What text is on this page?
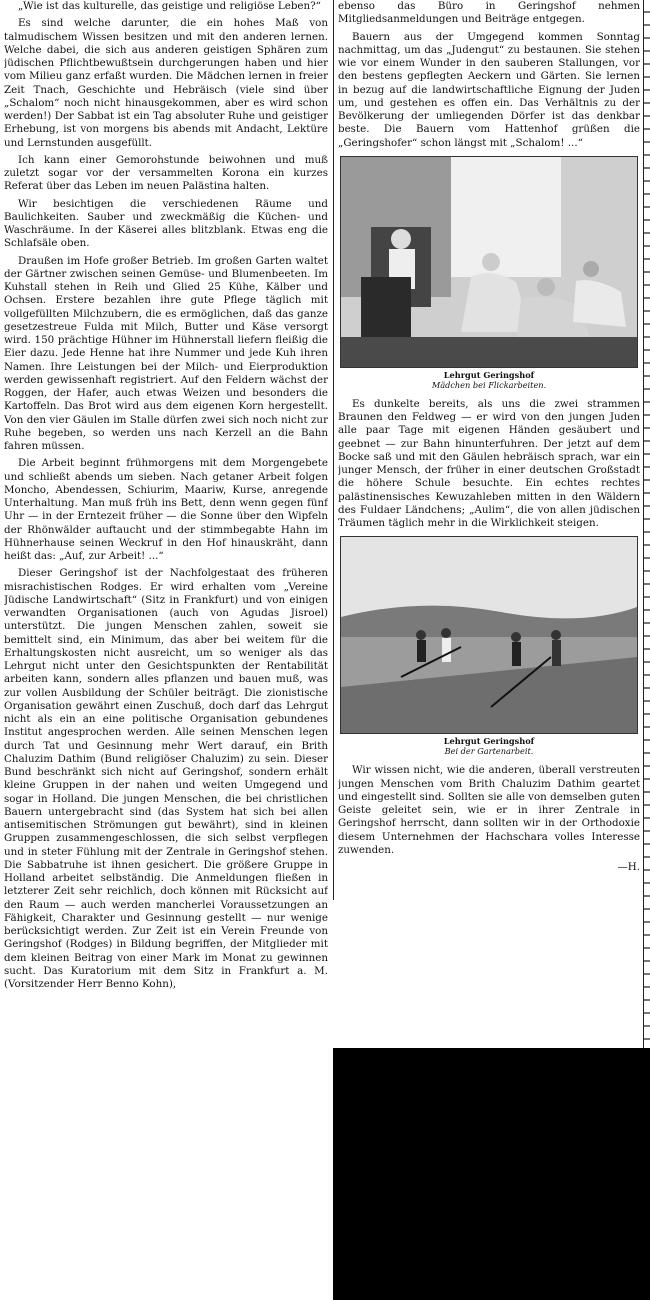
„Wie ist das kulturelle, das geistige und religiöse Leben?“

Es sind welche darunter, die ein hohes Maß von talmudischem Wissen besitzen und mit den anderen lernen. Welche dabei, die sich aus anderen geistigen Sphären zum jüdischen Pflichtbewußtsein durchgerungen haben und hier vom Milieu ganz erfaßt wurden. Die Mädchen lernen in freier Zeit Tnach, Geschichte und Hebräisch (viele sind über „Schalom“ noch nicht hinausgekommen, aber es wird schon werden!) Der Sabbat ist ein Tag absoluter Ruhe und geistiger Erhebung, ist von morgens bis abends mit Andacht, Lektüre und Lernstunden ausgefüllt.

Ich kann einer Gemorohstunde beiwohnen und muß zuletzt sogar vor der versammelten Korona ein kurzes Referat über das Leben im neuen Palästina halten.

Wir besichtigen die verschiedenen Räume und Baulichkeiten. Sauber und zweckmäßig die Küchen- und Waschräume. In der Käserei alles blitzblank. Etwas eng die Schlafsäle oben.

Draußen im Hofe großer Betrieb. Im großen Garten waltet der Gärtner zwischen seinen Gemüse- und Blumenbeeten. Im Kuhstall stehen in Reih und Glied 25 Kühe, Kälber und Ochsen. Erstere bezahlen ihre gute Pflege täglich mit vollgefüllten Milchzubern, die es ermöglichen, daß das ganze gesetzestreue Fulda mit Milch, Butter und Käse versorgt wird. 150 prächtige Hühner im Hühnerstall liefern fleißig die Eier dazu. Jede Henne hat ihre Nummer und jede Kuh ihren Namen. Ihre Leistungen bei der Milch- und Eierproduktion werden gewissenhaft registriert. Auf den Feldern wächst der Roggen, der Hafer, auch etwas Weizen und besonders die Kartoffeln. Das Brot wird aus dem eigenen Korn hergestellt. Von den vier Gäulen im Stalle dürfen zwei sich noch nicht zur Ruhe begeben, so werden uns nach Kerzell an die Bahn fahren müssen.

Die Arbeit beginnt frühmorgens mit dem Morgengebete und schließt abends um sieben. Nach getaner Arbeit folgen Moncho, Abendessen, Schiurim, Maariw, Kurse, anregende Unterhaltung. Man muß früh ins Bett, denn wenn gegen fünf Uhr — in der Erntezeit früher — die Sonne über den Wipfeln der Rhönwälder auftaucht und der stimmbegabte Hahn im Hühnerhause seinen Weckruf in den Hof hinauskräht, dann heißt das: „Auf, zur Arbeit! ...“

Dieser Geringshof ist der Nachfolgestaat des früheren misrachistischen Rodges. Er wird erhalten vom „Vereine Jüdische Landwirtschaft“ (Sitz in Frankfurt) und von einigen verwandten Organisationen (auch von Agudas Jisroel) unterstützt. Die jungen Menschen zahlen, soweit sie bemittelt sind, ein Minimum, das aber bei weitem für die Erhaltungskosten nicht ausreicht, um so weniger als das Lehrgut nicht unter den Gesichtspunkten der Rentabilität arbeiten kann, sondern alles pflanzen und bauen muß, was zur vollen Ausbildung der Schüler beiträgt. Die zionistische Organisation gewährt einen Zuschuß, doch darf das Lehrgut nicht als ein an eine politische Organisation gebundenes Institut angesprochen werden. Alle seinen Menschen legen durch Tat und Gesinnung mehr Wert darauf, ein Brith Chaluzim Dathim (Bund religiöser Chaluzim) zu sein. Dieser Bund beschränkt sich nicht auf Geringshof, sondern erhält kleine Gruppen in der nahen und weiten Umgegend und sogar in Holland. Die jungen Menschen, die bei christlichen Bauern untergebracht sind (das System hat sich bei allen antisemitischen Strömungen gut bewährt), sind in kleinen Gruppen zusammengeschlossen, die sich selbst verpflegen und in steter Fühlung mit der Zentrale in Geringshof stehen. Die Sabbatruhe ist ihnen gesichert. Die größere Gruppe in Holland arbeitet selbständig. Die Anmeldungen fließen in letzterer Zeit sehr reichlich, doch können mit Rücksicht auf den Raum — auch werden mancherlei Voraussetzungen an Fähigkeit, Charakter und Gesinnung gestellt — nur wenige berücksichtigt werden. Zur Zeit ist ein Verein Freunde von Geringshof (Rodges) in Bildung begriffen, der Mitglieder mit dem kleinen Beitrag von einer Mark im Monat zu gewinnen sucht. Das Kuratorium mit dem Sitz in Frankfurt a. M. (Vorsitzender Herr Benno Kohn),

ebenso das Büro in Geringshof nehmen Mitgliedsanmeldungen und Beiträge entgegen.

Bauern aus der Umgegend kommen Sonntag nachmittag, um das „Judengut“ zu bestaunen. Sie stehen wie vor einem Wunder in den sauberen Stallungen, vor den bestens gepflegten Aeckern und Gärten. Sie lernen in bezug auf die landwirtschaftliche Eignung der Juden um, und gestehen es offen ein. Das Verhältnis zu der Bevölkerung der umliegenden Dörfer ist das denkbar beste. Die Bauern vom Hattenhof grüßen die „Geringshofer“ schon längst mit „Schalom! ...“

Lehrgut Geringshof
Mädchen bei Flickarbeiten.

Es dunkelte bereits, als uns die zwei strammen Braunen den Feldweg — er wird von den jungen Juden alle paar Tage mit eigenen Händen gesäubert und geebnet — zur Bahn hinunterfuhren. Der jetzt auf dem Bocke saß und mit den Gäulen hebräisch sprach, war ein junger Mensch, der früher in einer deutschen Großstadt die höhere Schule besuchte. Ein echtes rechtes palästinensisches Kewuzahleben mitten in den Wäldern des Fuldaer Ländchens; „Aulim“, die von allen jüdischen Träumen täglich mehr in die Wirklichkeit steigen.

Lehrgut Geringshof
Bei der Gartenarbeit.

Wir wissen nicht, wie die anderen, überall verstreuten jungen Menschen vom Brith Chaluzim Dathim geartet und eingestellt sind. Sollten sie alle von demselben guten Geiste geleitet sein, wie er in ihrer Zentrale in Geringshof herrscht, dann sollten wir in der Orthodoxie diesem Unternehmen der Hachschara volles Interesse zuwenden.

—H.
